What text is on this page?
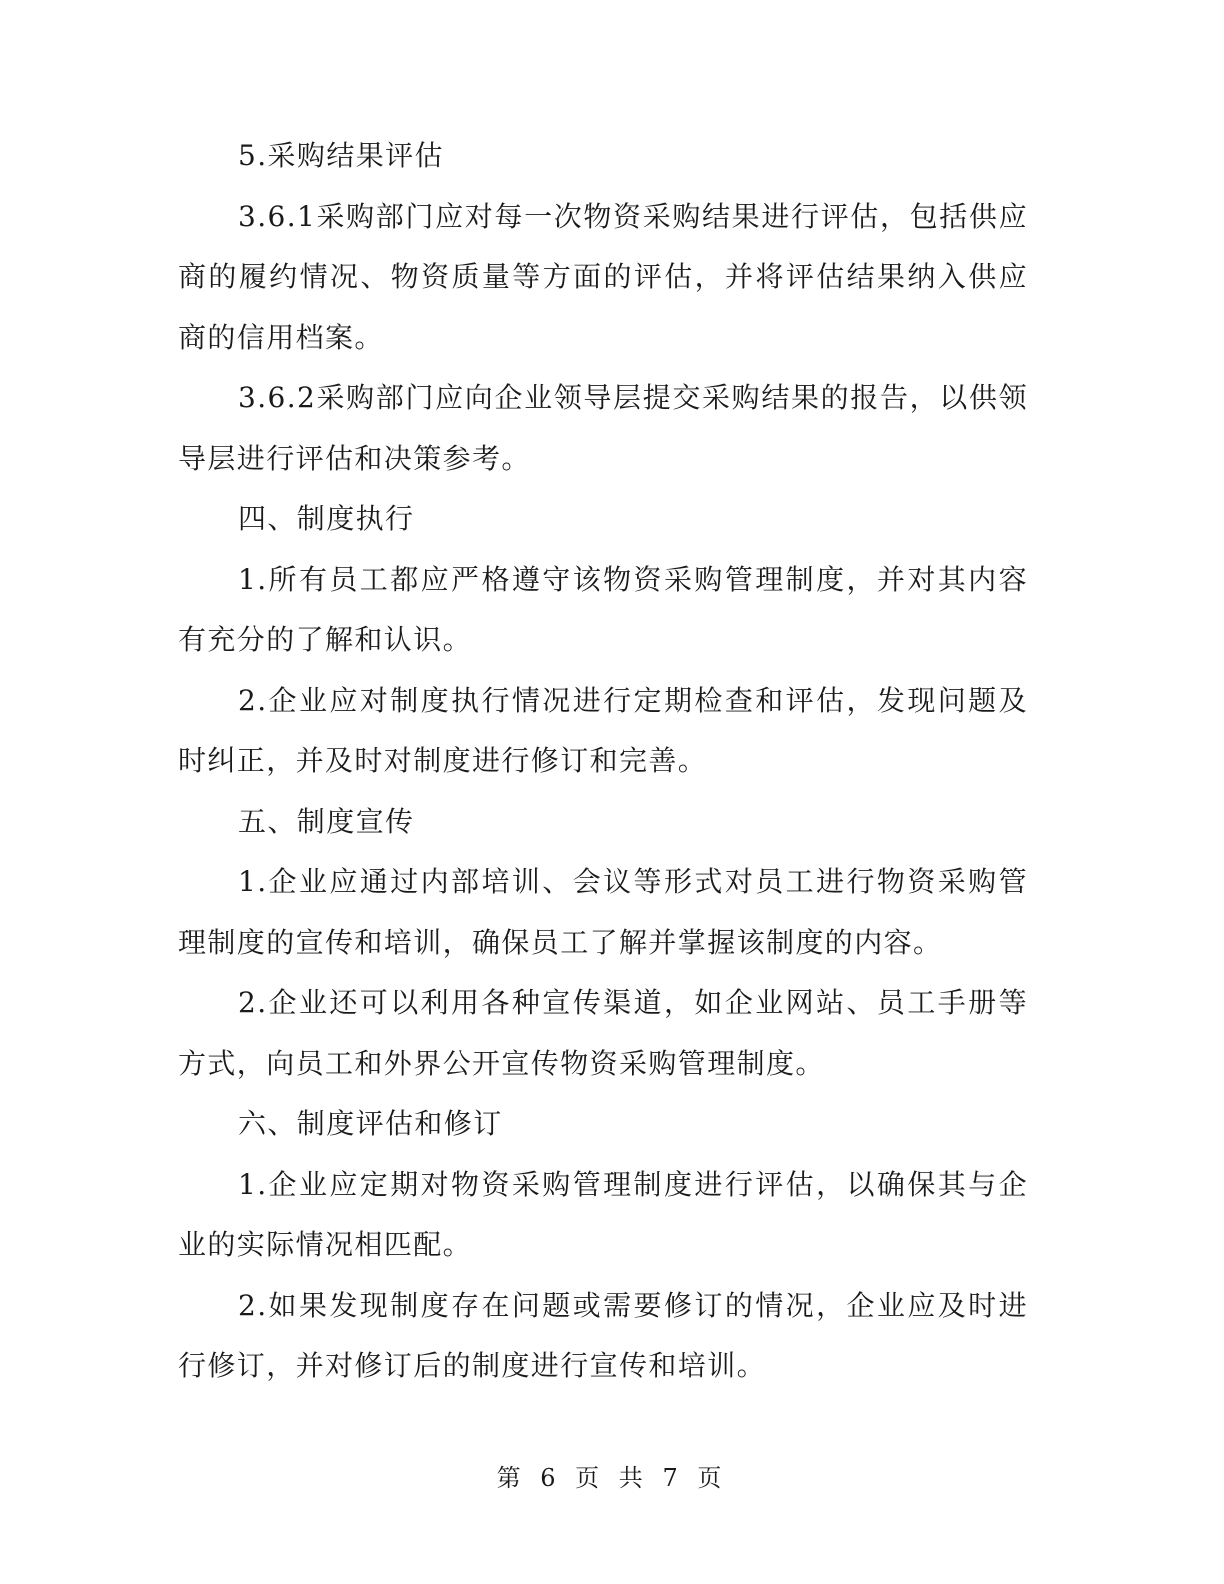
5.采购结果评估

3.6.1采购部门应对每一次物资采购结果进行评估，包括供应商的履约情况、物资质量等方面的评估，并将评估结果纳入供应商的信用档案。

3.6.2采购部门应向企业领导层提交采购结果的报告，以供领导层进行评估和决策参考。

四、制度执行

1.所有员工都应严格遵守该物资采购管理制度，并对其内容有充分的了解和认识。

2.企业应对制度执行情况进行定期检查和评估，发现问题及时纠正，并及时对制度进行修订和完善。

五、制度宣传

1.企业应通过内部培训、会议等形式对员工进行物资采购管理制度的宣传和培训，确保员工了解并掌握该制度的内容。

2.企业还可以利用各种宣传渠道，如企业网站、员工手册等方式，向员工和外界公开宣传物资采购管理制度。

六、制度评估和修订

1.企业应定期对物资采购管理制度进行评估，以确保其与企业的实际情况相匹配。

2.如果发现制度存在问题或需要修订的情况，企业应及时进行修订，并对修订后的制度进行宣传和培训。

第 6 页 共 7 页
